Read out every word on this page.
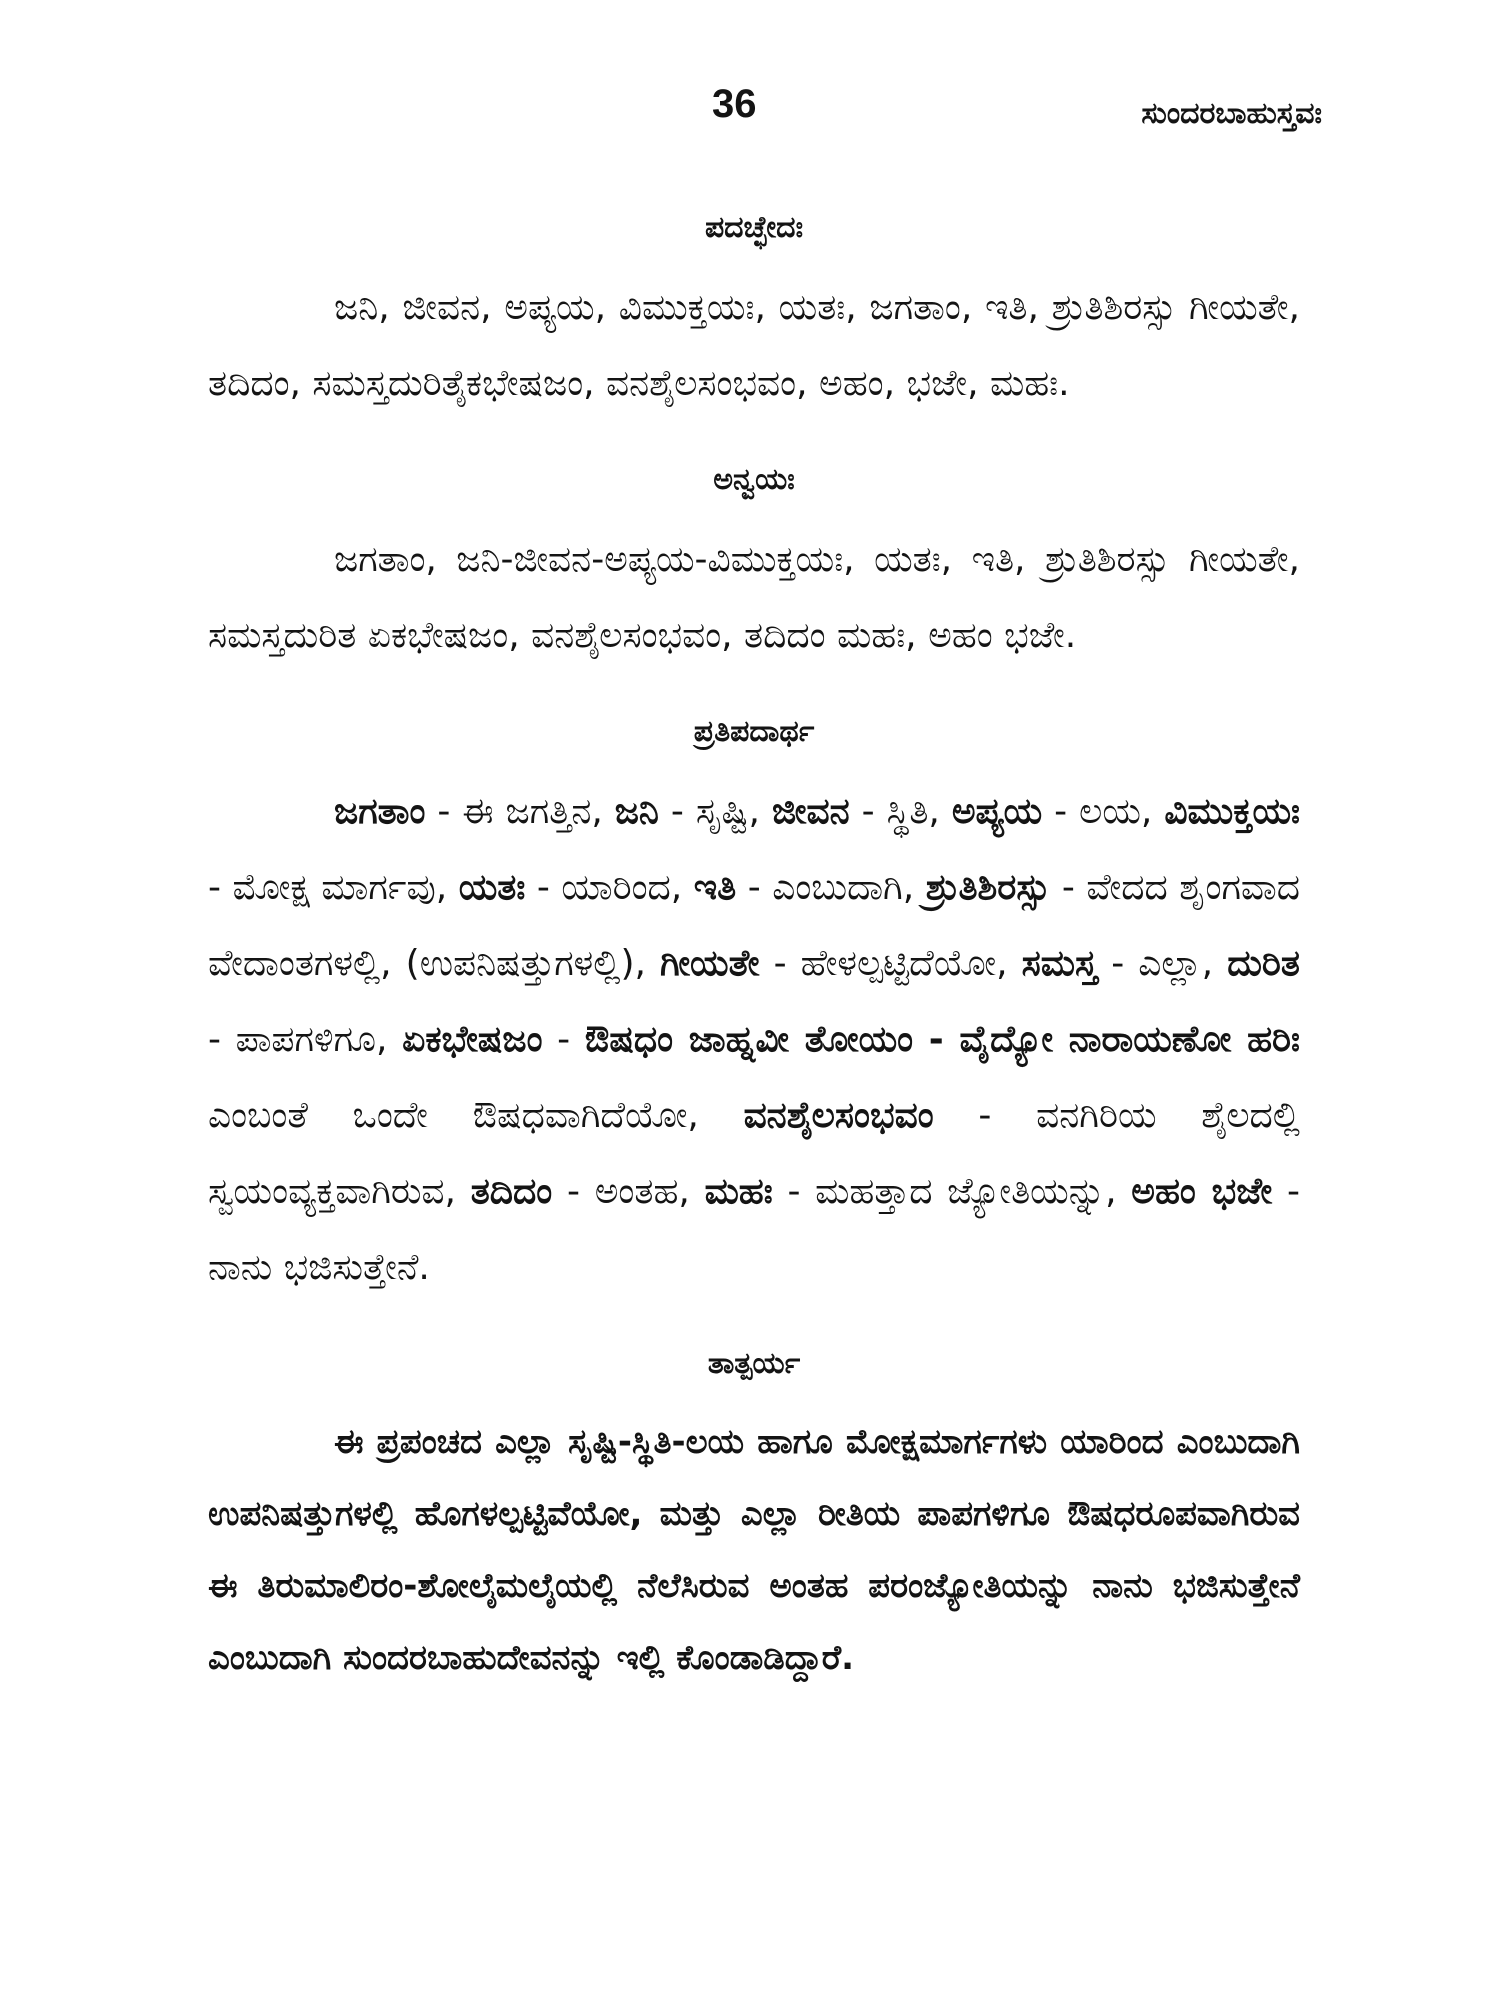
36	ಸುಂದರಬಾಹುಸ್ತವಃ
ಪದಚ್ಛೇದಃ

ಜನಿ, ಜೀವನ, ಅಪ್ಯಯ, ವಿಮುಕ್ತಯಃ, ಯತಃ, ಜಗತಾಂ, ಇತಿ, ಶ್ರುತಿಶಿರಸ್ಸು ಗೀಯತೇ, ತದಿದಂ, ಸಮಸ್ತದುರಿತೈಕಭೇಷಜಂ, ವನಶೈಲಸಂಭವಂ, ಅಹಂ, ಭಜೇ, ಮಹಃ.

ಅನ್ವಯಃ

ಜಗತಾಂ, ಜನಿ-ಜೀವನ-ಅಪ್ಯಯ-ವಿಮುಕ್ತಯಃ, ಯತಃ, ಇತಿ, ಶ್ರುತಿಶಿರಸ್ಸು ಗೀಯತೇ, ಸಮಸ್ತದುರಿತ ಏಕಭೇಷಜಂ, ವನಶೈಲಸಂಭವಂ, ತದಿದಂ ಮಹಃ, ಅಹಂ ಭಜೇ.

ಪ್ರತಿಪದಾರ್ಥ

ಜಗತಾಂ - ಈ ಜಗತ್ತಿನ, ಜನಿ - ಸೃಷ್ಟಿ, ಜೀವನ - ಸ್ಥಿತಿ, ಅಪ್ಯಯ - ಲಯ, ವಿಮುಕ್ತಯಃ - ಮೋಕ್ಷ ಮಾರ್ಗವು, ಯತಃ - ಯಾರಿಂದ, ಇತಿ - ಎಂಬುದಾಗಿ, ಶ್ರುತಿಶಿರಸ್ಸು - ವೇದದ ಶೃಂಗವಾದ ವೇದಾಂತಗಳಲ್ಲಿ, (ಉಪನಿಷತ್ತುಗಳಲ್ಲಿ), ಗೀಯತೇ - ಹೇಳಲ್ಪಟ್ಟಿದೆಯೋ, ಸಮಸ್ತ - ಎಲ್ಲಾ, ದುರಿತ - ಪಾಪಗಳಿಗೂ, ಏಕಭೇಷಜಂ - ಔಷಧಂ ಜಾಹ್ನವೀ ತೋಯಂ - ವೈದ್ಯೋ ನಾರಾಯಣೋ ಹರಿಃ ಎಂಬಂತೆ ಒಂದೇ ಔಷಧವಾಗಿದೆಯೋ, ವನಶೈಲಸಂಭವಂ - ವನಗಿರಿಯ ಶೈಲದಲ್ಲಿ ಸ್ವಯಂವ್ಯಕ್ತವಾಗಿರುವ, ತದಿದಂ - ಅಂತಹ, ಮಹಃ - ಮಹತ್ತಾದ ಜ್ಯೋತಿಯನ್ನು, ಅಹಂ ಭಜೇ - ನಾನು ಭಜಿಸುತ್ತೇನೆ.

ತಾತ್ಪರ್ಯ

ಈ ಪ್ರಪಂಚದ ಎಲ್ಲಾ ಸೃಷ್ಟಿ-ಸ್ಥಿತಿ-ಲಯ ಹಾಗೂ ಮೋಕ್ಷಮಾರ್ಗಗಳು ಯಾರಿಂದ ಎಂಬುದಾಗಿ ಉಪನಿಷತ್ತುಗಳಲ್ಲಿ ಹೊಗಳಲ್ಪಟ್ಟಿವೆಯೋ, ಮತ್ತು ಎಲ್ಲಾ ರೀತಿಯ ಪಾಪಗಳಿಗೂ ಔಷಧರೂಪವಾಗಿರುವ ಈ ತಿರುಮಾಲಿರಂ-ಶೋಲೈಮಲೈಯಲ್ಲಿ ನೆಲೆಸಿರುವ ಅಂತಹ ಪರಂಜ್ಯೋತಿಯನ್ನು ನಾನು ಭಜಿಸುತ್ತೇನೆ ಎಂಬುದಾಗಿ ಸುಂದರಬಾಹುದೇವನನ್ನು ಇಲ್ಲಿ ಕೊಂಡಾಡಿದ್ದಾರೆ.
